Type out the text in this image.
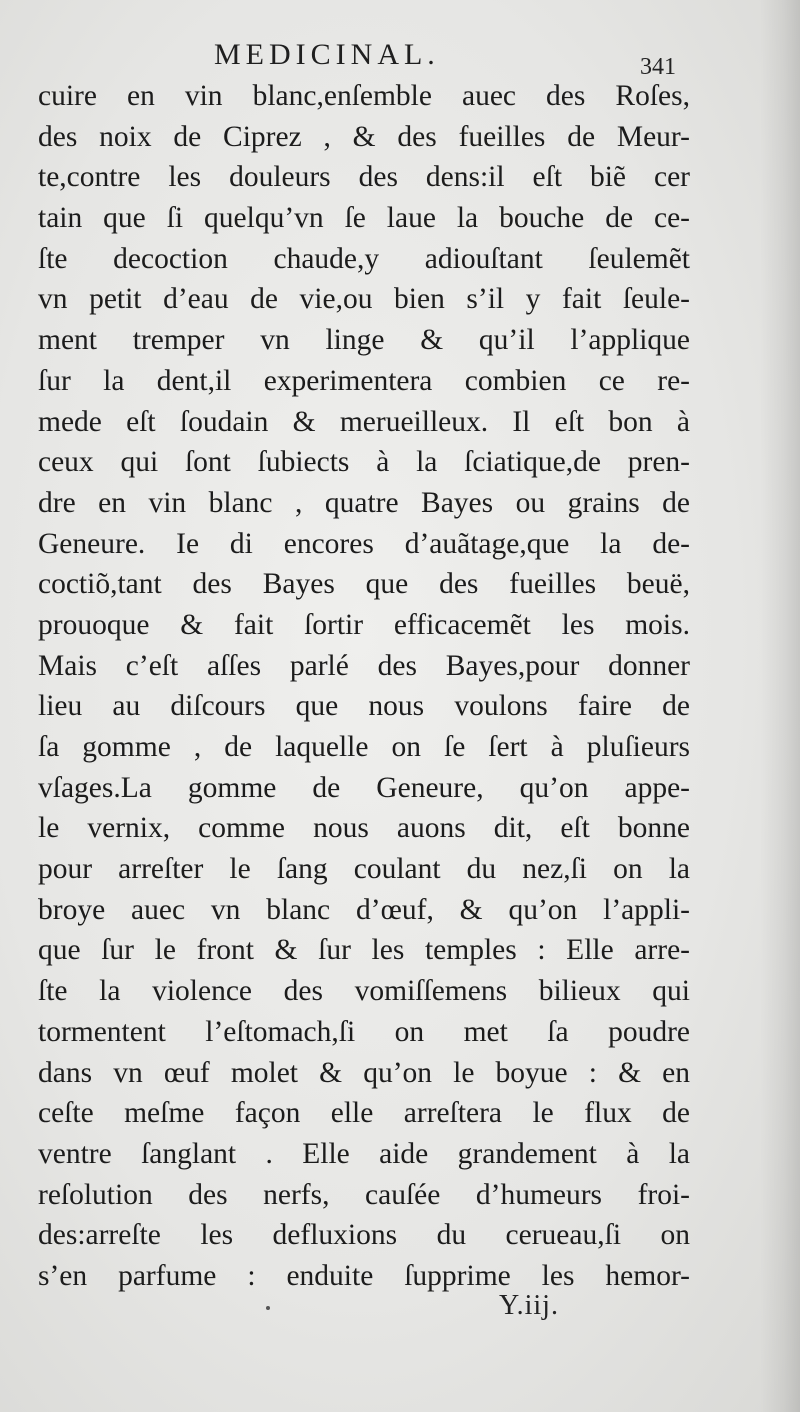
MEDICINAL.	341
cuire en vin blanc,enſemble auec des Roſes,
des noix de Ciprez , & des fueilles de Meur-
te,contre les douleurs des dens:il eſt biẽ cer
tain que ſi quelqu’vn ſe laue la bouche de ce-
ſte decoction chaude,y adiouſtant ſeulemẽt
vn petit d’eau de vie,ou bien s’il y fait ſeule-
ment tremper vn linge & qu’il l’applique
ſur la dent,il experimentera combien ce re-
mede eſt ſoudain & merueilleux. Il eſt bon à
ceux qui ſont ſubiects à la ſciatique,de pren-
dre en vin blanc , quatre Bayes ou grains de
Geneure. Ie di encores d’auãtage,que la de-
coctiõ,tant des Bayes que des fueilles beuë,
prouoque & fait ſortir efficacemẽt les mois.
Mais c’eſt aſſes parlé des Bayes,pour donner
lieu au diſcours que nous voulons faire de
ſa gomme , de laquelle on ſe ſert à pluſieurs
vſages.La gomme de Geneure, qu’on appe-
le vernix, comme nous auons dit, eſt bonne
pour arreſter le ſang coulant du nez,ſi on la
broye auec vn blanc d’œuf, & qu’on l’appli-
que ſur le front & ſur les temples : Elle arre-
ſte la violence des vomiſſemens bilieux qui
tormentent l’eſtomach,ſi on met ſa poudre
dans vn œuf molet & qu’on le boyue : & en
ceſte meſme façon elle arreſtera le flux de
ventre ſanglant . Elle aide grandement à la
reſolution des nerfs, cauſée d’humeurs froi-
des:arreſte les defluxions du cerueau,ſi on
s’en parfume : enduite ſupprime les hemor-
Y.iij.
